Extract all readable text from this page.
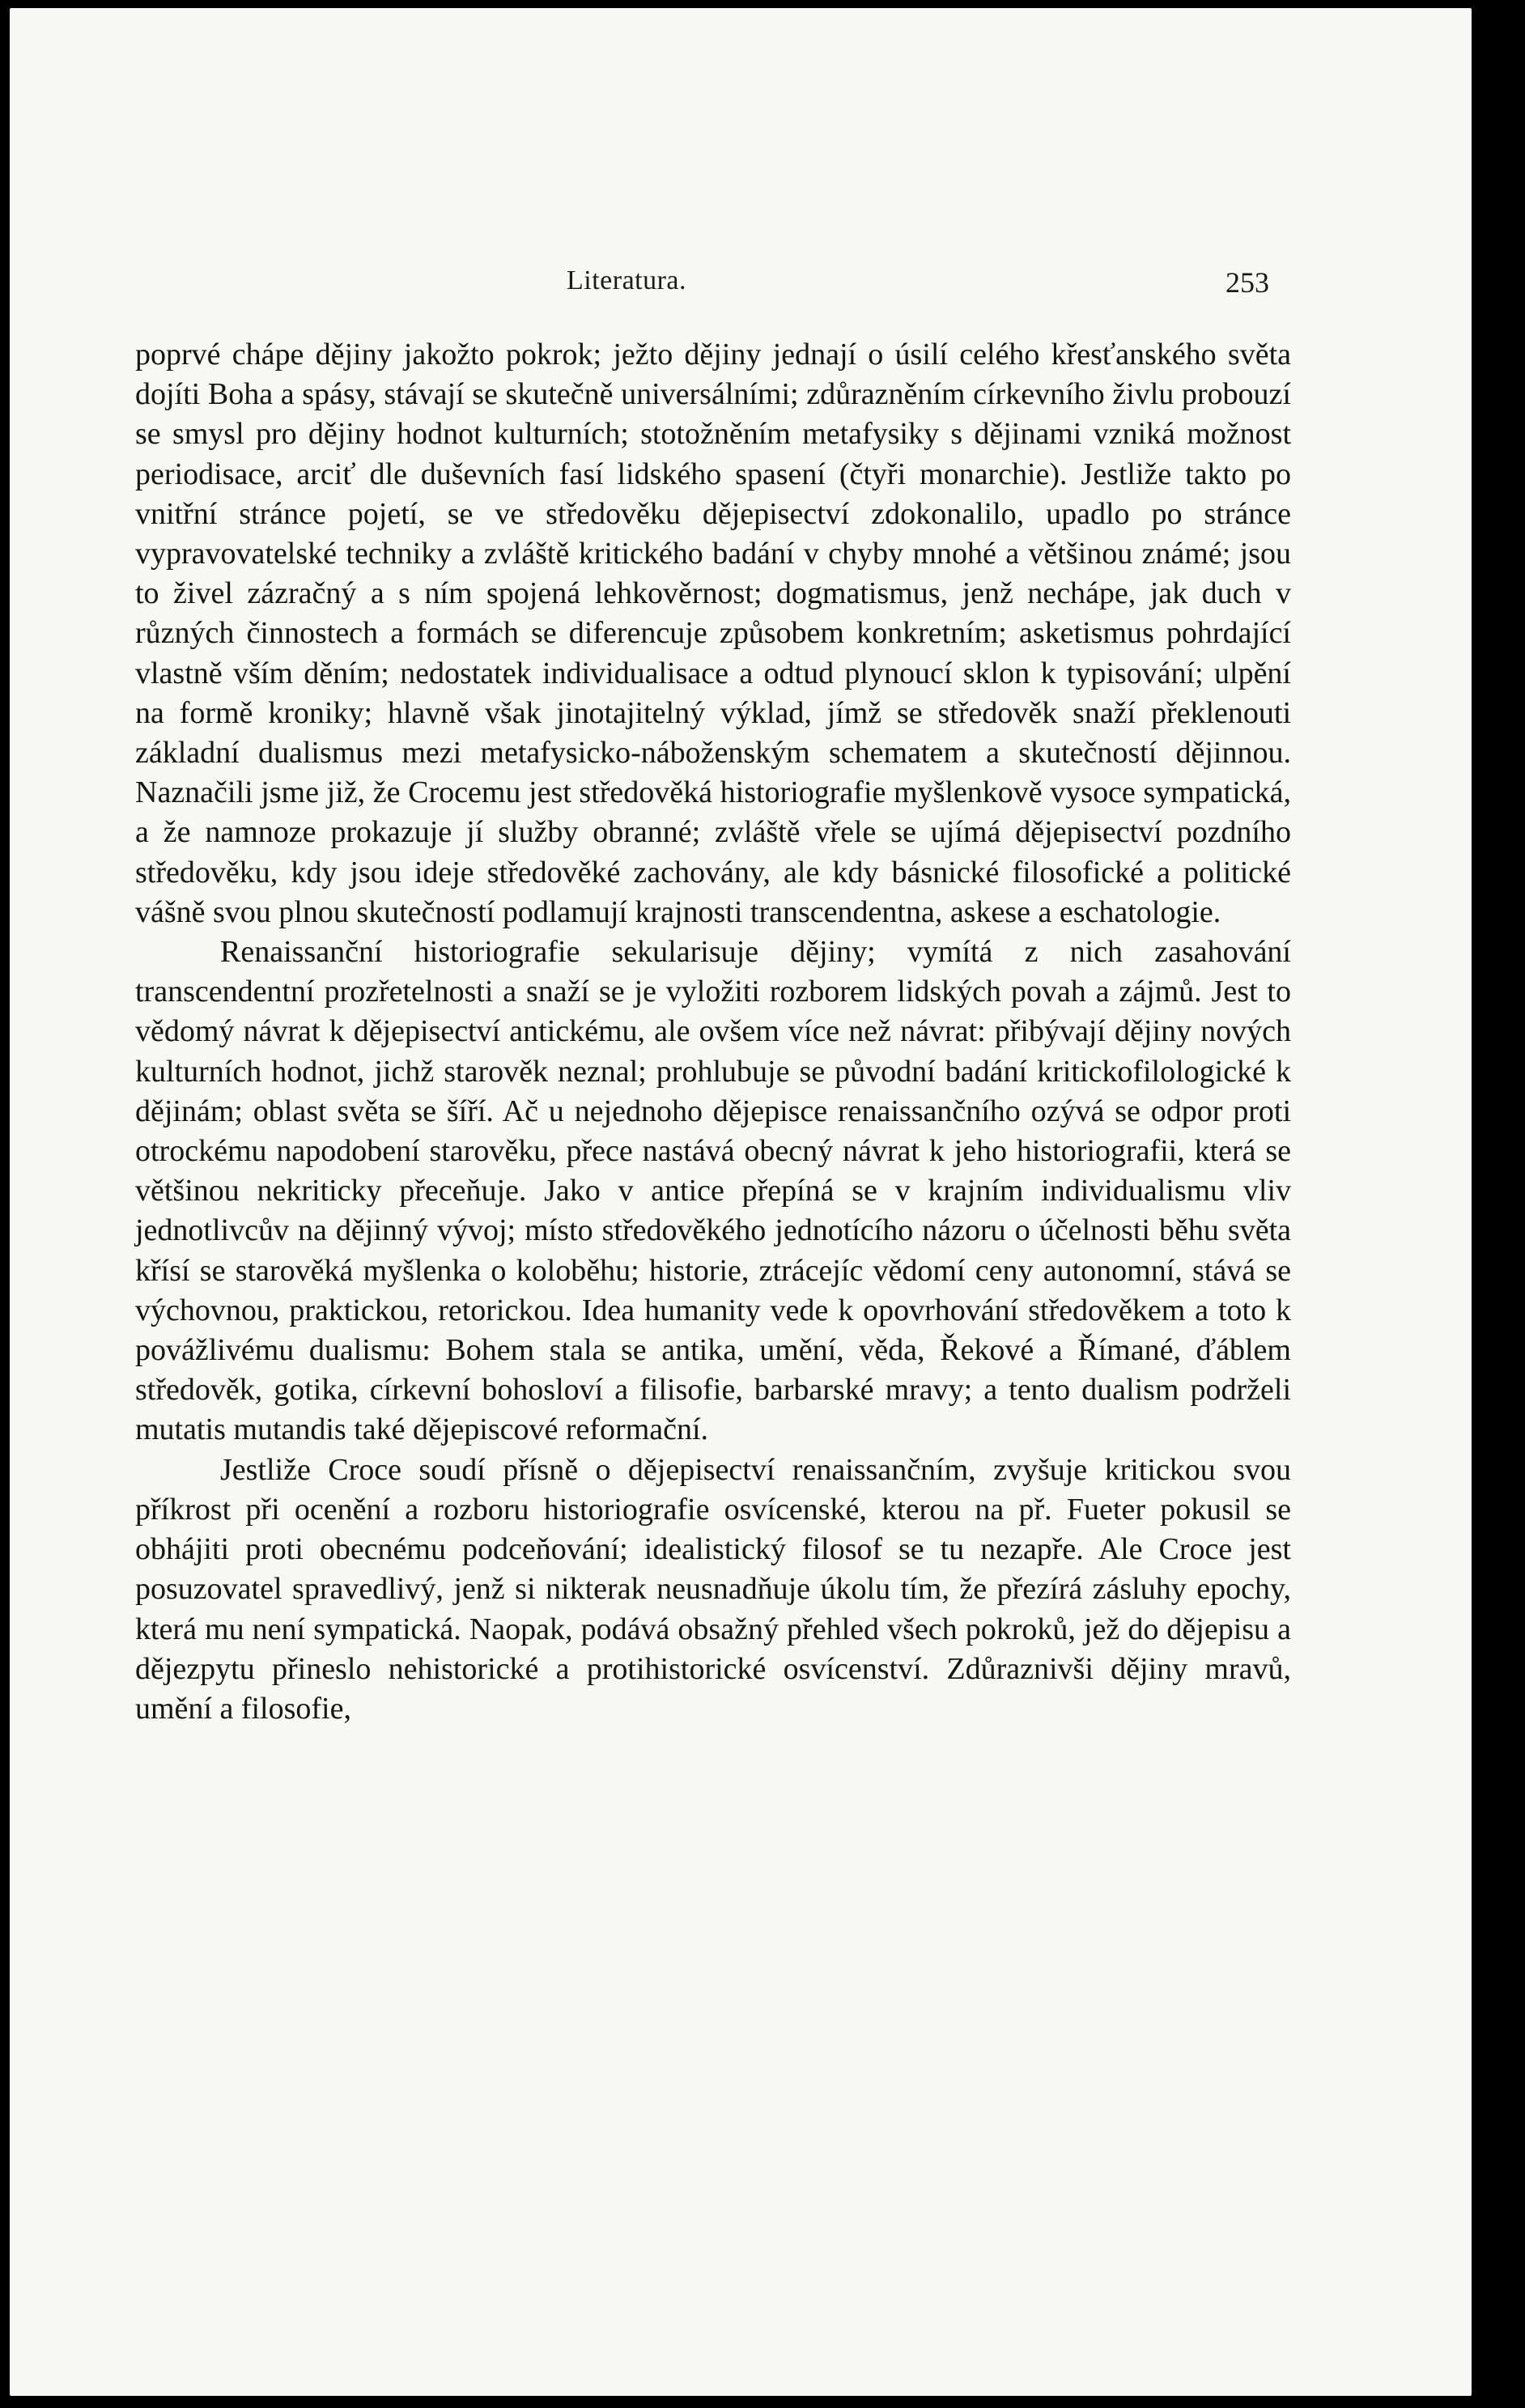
Literatura.	253

poprvé chápe dějiny jakožto pokrok; ježto dějiny jednají o úsilí celého křesťanského světa dojíti Boha a spásy, stávají se skutečně universálními; zdůrazněním církevního živlu probouzí se smysl pro dějiny hodnot kulturních; stotožněním metafysiky s dějinami vzniká možnost periodisace, arciť dle duševních fasí lidského spasení (čtyři monarchie). Jestliže takto po vnitřní stránce pojetí, se ve středověku dějepisectví zdokonalilo, upadlo po stránce vypravovatelské techniky a zvláště kritického badání v chyby mnohé a většinou známé; jsou to živel zázračný a s ním spojená lehkověrnost; dogmatismus, jenž nechápe, jak duch v různých činnostech a formách se diferencuje způsobem konkretním; asketismus pohrdající vlastně vším děním; nedostatek individualisace a odtud plynoucí sklon k typisování; ulpění na formě kroniky; hlavně však jinotajitelný výklad, jímž se středověk snaží překlenouti základní dualismus mezi metafysicko-náboženským schematem a skutečností dějinnou. Naznačili jsme již, že Crocemu jest středověká historiografie myšlenkově vysoce sympatická, a že namnoze prokazuje jí služby obranné; zvláště vřele se ujímá dějepisectví pozdního středověku, kdy jsou ideje středověké zachovány, ale kdy básnické filosofické a politické vášně svou plnou skutečností podlamují krajnosti transcendentna, askese a eschatologie.

Renaissanční historiografie sekularisuje dějiny; vymítá z nich zasahování transcendentní prozřetelnosti a snaží se je vyložiti rozborem lidských povah a zájmů. Jest to vědomý návrat k dějepisectví antickému, ale ovšem více než návrat: přibývají dějiny nových kulturních hodnot, jichž starověk neznal; prohlubuje se původní badání kritickofilologické k dějinám; oblast světa se šíří. Ač u nejednoho dějepisce renaissančního ozývá se odpor proti otrockému napodobení starověku, přece nastává obecný návrat k jeho historiografii, která se většinou nekriticky přeceňuje. Jako v antice přepíná se v krajním individualismu vliv jednotlivcův na dějinný vývoj; místo středověkého jednotícího názoru o účelnosti běhu světa křísí se starověká myšlenka o koloběhu; historie, ztrácejíc vědomí ceny autonomní, stává se výchovnou, praktickou, retorickou. Idea humanity vede k opovrhování středověkem a toto k povážlivému dualismu: Bohem stala se antika, umění, věda, Řekové a Římané, ďáblem středověk, gotika, církevní bohosloví a filisofie, barbarské mravy; a tento dualism podrželi mutatis mutandis také dějepiscové reformační.

Jestliže Croce soudí přísně o dějepisectví renaissančním, zvyšuje kritickou svou příkrost při ocenění a rozboru historiografie osvícenské, kterou na př. Fueter pokusil se obhájiti proti obecnému podceňování; idealistický filosof se tu nezapře. Ale Croce jest posuzovatel spravedlivý, jenž si nikterak neusnadňuje úkolu tím, že přezírá zásluhy epochy, která mu není sympatická. Naopak, podává obsažný přehled všech pokroků, jež do dějepisu a dějezpytu přineslo nehistorické a protihistorické osvícenství. Zdůraznivši dějiny mravů, umění a filosofie,
